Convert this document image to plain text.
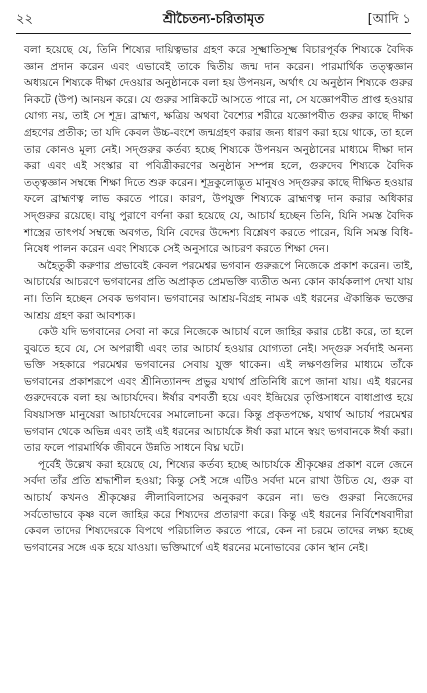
২২	শ্রীচৈতন্য-চরিতামৃত	[আদি ১

বলা হয়েছে যে, তিনি শিষ্যের দায়িত্বভার গ্রহণ করে সূক্ষ্মাতিসূক্ষ্ম বিচারপূর্বক শিষ্যকে বৈদিক জ্ঞান প্রদান করেন এবং এভাবেই তাকে দ্বিতীয় জন্ম দান করেন। পারমার্থিক তত্ত্বজ্ঞান অধ্যয়নে শিষ্যকে দীক্ষা দেওয়ার অনুষ্ঠানকে বলা হয় উপনয়ন, অর্থাৎ যে অনুষ্ঠান শিষ্যকে গুরুর নিকটে (উপ) আনয়ন করে। যে গুরুর সান্নিকটে আসতে পারে না, সে যজ্ঞোপবীত প্রাপ্ত হওয়ার যোগ্য নয়, তাই সে শূদ্র। ব্রাহ্মণ, ক্ষত্রিয় অথবা বৈশ্যের শরীরে যজ্ঞোপবীত গুরুর কাছে দীক্ষা গ্রহণের প্রতীক; তা যদি কেবল উচ্চ-বংশে জন্মগ্রহণ করার জন্য ধারণ করা হয়ে থাকে, তা হলে তার কোনও মূল্য নেই। সদ্গুরুর কর্তব্য হচ্ছে শিষ্যকে উপনয়ন অনুষ্ঠানের মাধ্যমে দীক্ষা দান করা এবং এই সংস্কার বা পবিত্রীকরণের অনুষ্ঠান সম্পন্ন হলে, গুরুদেব শিষ্যকে বৈদিক তত্ত্বজ্ঞান সম্বন্ধে শিক্ষা দিতে শুরু করেন। শূদ্রকুলোদ্ভূত মানুষও সদ্গুরুর কাছে দীক্ষিত হওয়ার ফলে ব্রাহ্মণত্ব লাভ করতে পারে। কারণ, উপযুক্ত শিষ্যকে ব্রাহ্মণত্ব দান করার অধিকার সদ্গুরুর রয়েছে। বায়ু পুরাণে বর্ণনা করা হয়েছে যে, আচার্য হচ্ছেন তিনি, যিনি সমস্ত বৈদিক শাস্ত্রের তাৎপর্য সম্বন্ধে অবগত, যিনি বেদের উদ্দেশ্য বিশ্লেষণ করতে পারেন, যিনি সমস্ত বিধি-নিষেধ পালন করেন এবং শিষ্যকে সেই অনুসারে আচরণ করতে শিক্ষা দেন।

অহৈতুকী করুণার প্রভাবেই কেবল পরমেশ্বর ভগবান গুরুরূপে নিজেকে প্রকাশ করেন। তাই, আচার্যের আচরণে ভগবানের প্রতি অপ্রাকৃত প্রেমভক্তি ব্যতীত অন্য কোন কার্যকলাপ দেখা যায় না। তিনি হচ্ছেন সেবক ভগবান। ভগবানের আশ্রয়-বিগ্রহ নামক এই ধরনের ঐকান্তিক ভক্তের আশ্রয় গ্রহণ করা আবশ্যক।

কেউ যদি ভগবানের সেবা না করে নিজেকে আচার্য বলে জাহির করার চেষ্টা করে, তা হলে বুঝতে হবে যে, সে অপরাধী এবং তার আচার্য হওয়ার যোগ্যতা নেই। সদ্গুরু সর্বদাই অনন্য ভক্তি সহকারে পরমেশ্বর ভগবানের সেবায় যুক্ত থাকেন। এই লক্ষণগুলির মাধ্যমে তাঁকে ভগবানের প্রকাশরূপে এবং শ্রীনিত্যানন্দ প্রভুর যথার্থ প্রতিনিধি রূপে জানা যায়। এই ধরনের গুরুদেবকে বলা হয় আচার্যদেব। ঈর্ষার বশবর্তী হয়ে এবং ইন্দ্রিয়ের তৃপ্তিসাধনে বাধাপ্রাপ্ত হয়ে বিষয়াসক্ত মানুষেরা আচার্যদেবের সমালোচনা করে। কিন্তু প্রকৃতপক্ষে, যথার্থ আচার্য পরমেশ্বর ভগবান থেকে অভিন্ন এবং তাই এই ধরনের আচার্যকে ঈর্ষা করা মানে স্বয়ং ভগবানকে ঈর্ষা করা। তার ফলে পারমার্থিক জীবনে উন্নতি সাধনে বিঘ্ন ঘটে।

পূর্বেই উল্লেখ করা হয়েছে যে, শিষ্যের কর্তব্য হচ্ছে আচার্যকে শ্রীকৃষ্ণের প্রকাশ বলে জেনে সর্বদা তাঁর প্রতি শ্রদ্ধাশীল হওয়া; কিন্তু সেই সঙ্গে এটিও সর্বদা মনে রাখা উচিত যে, গুরু বা আচার্য কখনও শ্রীকৃষ্ণের লীলাবিলাসের অনুকরণ করেন না। ভণ্ড গুরুরা নিজেদের সর্বতোভাবে কৃষ্ণ বলে জাহির করে শিষ্যদের প্রতারণা করে। কিন্তু এই ধরনের নির্বিশেষবাদীরা কেবল তাদের শিষ্যদেরকে বিপথে পরিচালিত করতে পারে, কেন না চরমে তাদের লক্ষ্য হচ্ছে ভগবানের সঙ্গে এক হয়ে যাওয়া। ভক্তিমার্গে এই ধরনের মনোভাবের কোন স্থান নেই।
